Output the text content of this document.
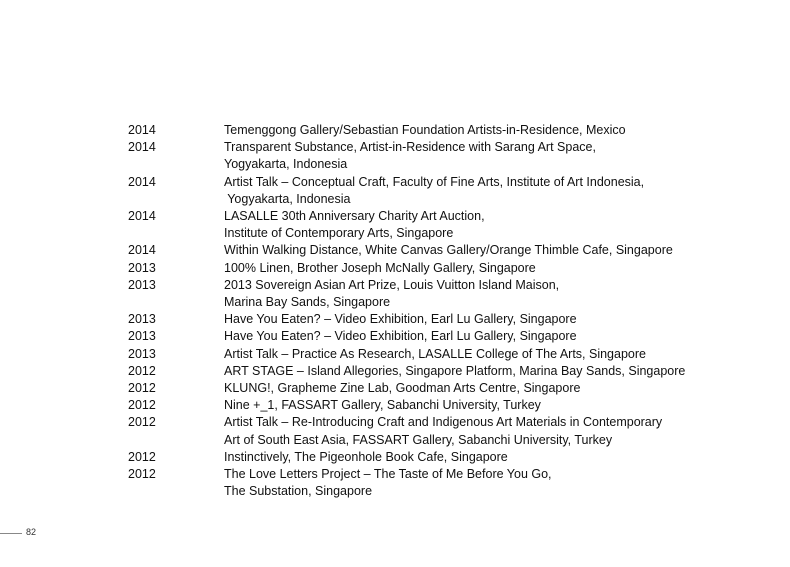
2014	Temenggong Gallery/Sebastian Foundation Artists-in-Residence, Mexico
2014	Transparent Substance, Artist-in-Residence with Sarang Art Space,
Yogyakarta, Indonesia
2014	Artist Talk – Conceptual Craft, Faculty of Fine Arts, Institute of Art Indonesia,
Yogyakarta, Indonesia
2014	LASALLE 30th Anniversary Charity Art Auction,
Institute of Contemporary Arts, Singapore
2014	Within Walking Distance, White Canvas Gallery/Orange Thimble Cafe, Singapore
2013	100% Linen, Brother Joseph McNally Gallery, Singapore
2013	2013 Sovereign Asian Art Prize, Louis Vuitton Island Maison,
Marina Bay Sands, Singapore
2013	Have You Eaten? – Video Exhibition, Earl Lu Gallery, Singapore
2013	Have You Eaten? – Video Exhibition, Earl Lu Gallery, Singapore
2013	Artist Talk – Practice As Research, LASALLE College of The Arts, Singapore
2012	ART STAGE – Island Allegories, Singapore Platform, Marina Bay Sands, Singapore
2012	KLUNG!, Grapheme Zine Lab, Goodman Arts Centre, Singapore
2012	Nine +_1, FASSART Gallery, Sabanchi University, Turkey
2012	Artist Talk – Re-Introducing Craft and Indigenous Art Materials in Contemporary
Art of South East Asia, FASSART Gallery, Sabanchi University, Turkey
2012	Instinctively, The Pigeonhole Book Cafe, Singapore
2012	The Love Letters Project – The Taste of Me Before You Go,
The Substation, Singapore
82
